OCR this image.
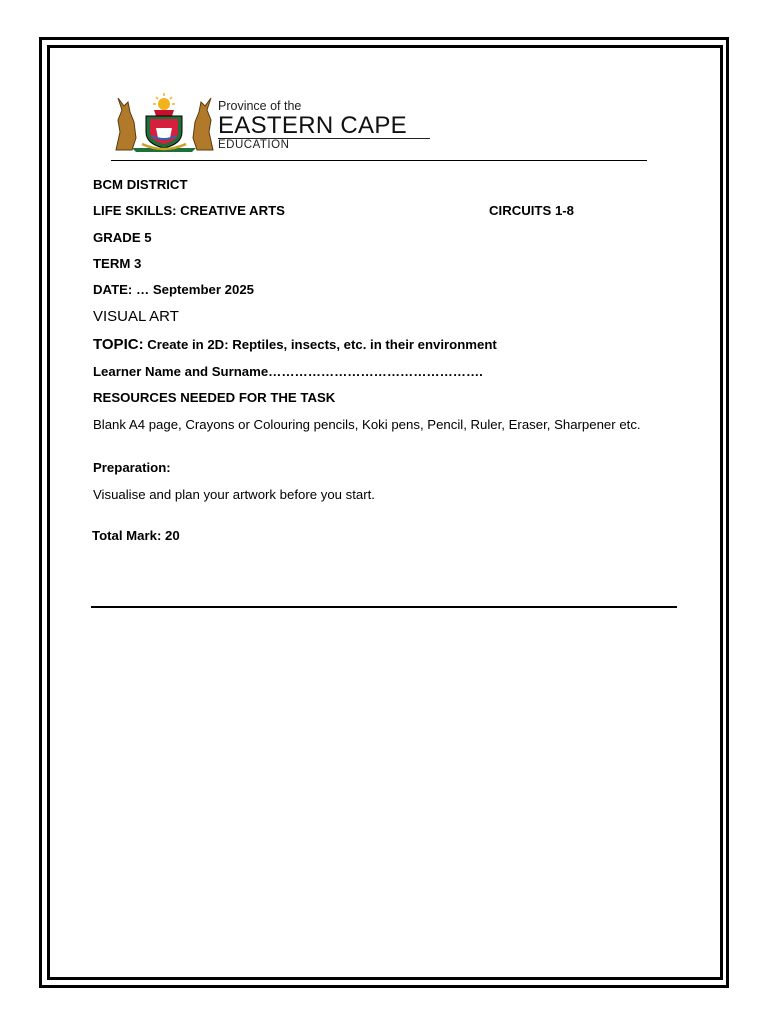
Province of the
EASTERN CAPE
EDUCATION
BCM DISTRICT
LIFE SKILLS: CREATIVE ARTS	CIRCUITS 1-8
GRADE 5
TERM 3
DATE: … September 2025
VISUAL ART
TOPIC: Create in 2D: Reptiles, insects, etc. in their environment
Learner Name and Surname………………………………………….
RESOURCES NEEDED FOR THE TASK
Blank A4 page, Crayons or Colouring pencils, Koki pens, Pencil, Ruler, Eraser, Sharpener etc.
Preparation:
Visualise and plan your artwork before you start.
Total Mark: 20
